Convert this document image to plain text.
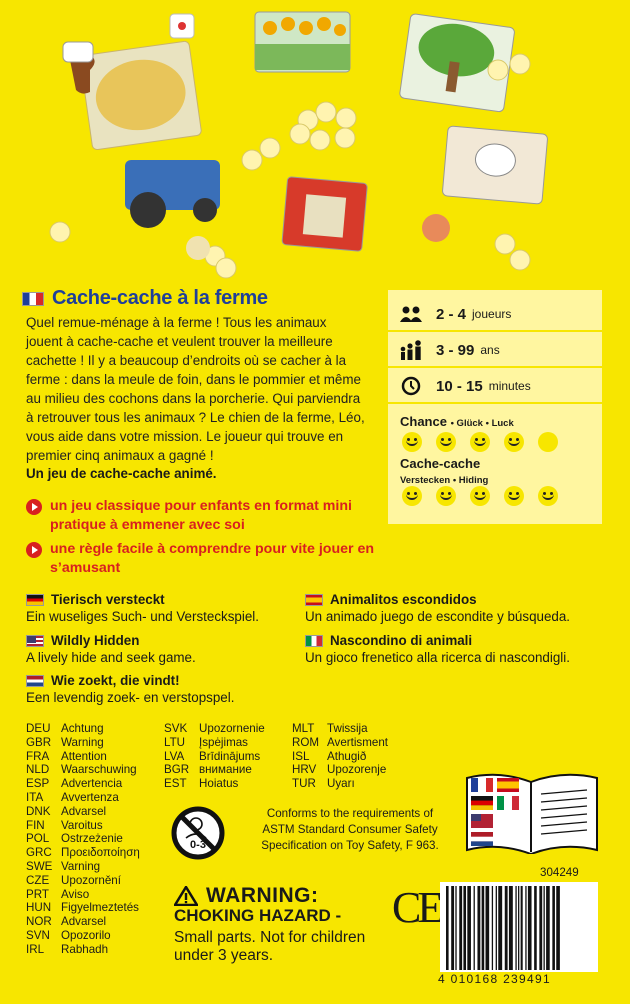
Cache-cache à la ferme
Quel remue-ménage à la ferme ! Tous les animaux jouent à cache-cache et veulent trouver la meilleure cachette ! Il y a beaucoup d’endroits où se cacher à la ferme : dans la meule de foin, dans le pommier et même au milieu des cochons dans la porcherie. Qui parviendra à retrouver tous les animaux ? Le chien de la ferme, Léo, vous aide dans votre mission. Le joueur qui trouve en premier cinq animaux a gagné !
Un jeu de cache-cache animé.
un jeu classique pour enfants en format mini pratique à emmener avec soi
une règle facile à comprendre pour vite jouer en s’amusant
2 - 4 joueurs
3 - 99 ans
10 - 15 minutes
Chance • Glück • Luck
Cache-cache
Verstecken • Hiding
Tierisch versteckt
Ein wuseliges Such- und Versteckspiel.
Wildly Hidden
A lively hide and seek game.
Wie zoekt, die vindt!
Een levendig zoek- en verstopspel.
Animalitos escondidos
Un animado juego de escondite y búsqueda.
Nascondino di animali
Un gioco frenetico alla ricerca di nascondigli.
DEU Achtung
GBR Warning
FRA	Attention
NLD	Waarschuwing
ESP	Advertencia
ITA	Avvertenza
DNK Advarsel
FIN	Varoitus
POL	Ostrzeżenie
GRC Προειδοποίηση
SWE Varning
CZE	Upozornění
PRT	Aviso
HUN Figyelmeztetés
NOR Advarsel
SVN Opozorilo
IRL	Rabhadh
SVK	Upozornenie
LTU	Įspėjimas
LVA	Brīdinājums
BGR внимание
EST	Hoiatus
MLT	Twissija
ROM Avertisment
ISL	Athugið
HRV Upozorenje
TUR Uyarı
0-3
Conforms to the requirements of ASTM Standard Consumer Safety Specification on Toy Safety, F 963.
304249
WARNING:
CHOKING HAZARD -
Small parts. Not for children under 3 years.
CE
4 010168 239491
